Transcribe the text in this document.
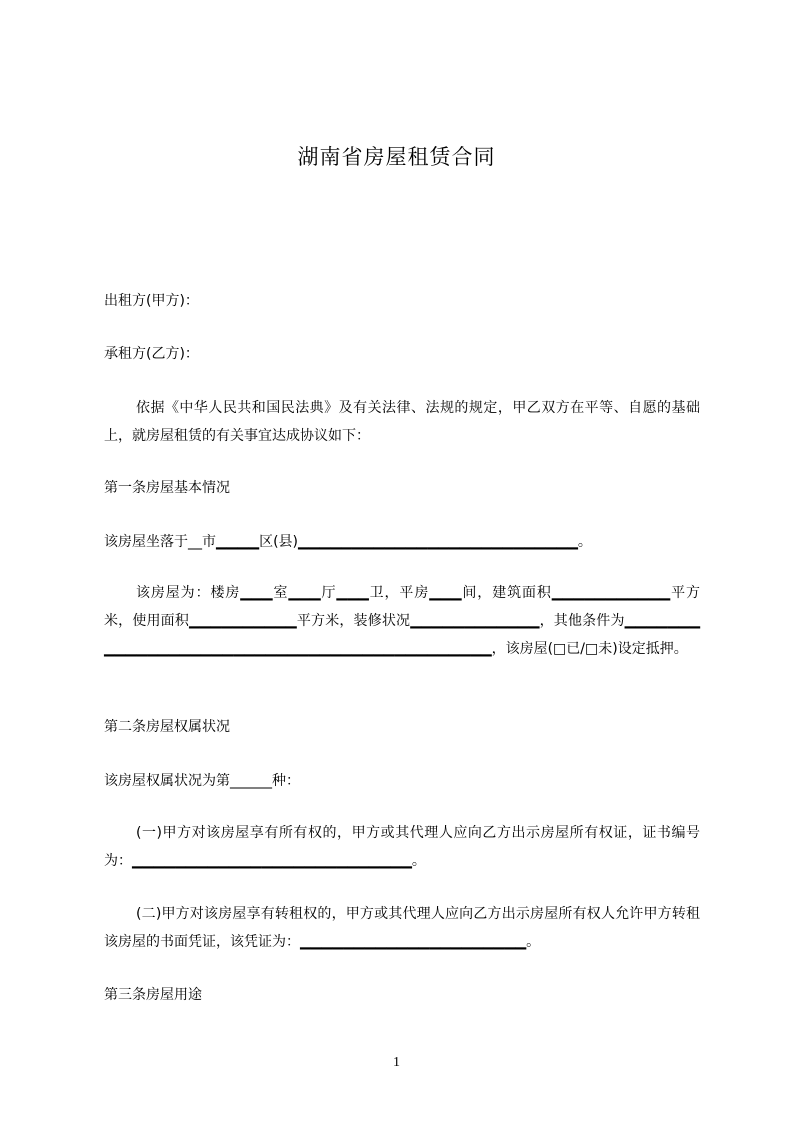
湖南省房屋租赁合同
出租方(甲方)：
承租方(乙方)：
依据《中华人民共和国民法典》及有关法律、法规的规定，甲乙双方在平等、自愿的基础上，就房屋租赁的有关事宜达成协议如下：
第一条房屋基本情况
该房屋坐落于__市▁▁▁▁区(县)▁▁▁▁▁▁▁▁▁▁▁▁▁▁▁▁▁▁▁▁▁▁▁▁▁▁。
该房屋为：楼房▁▁▁室▁▁▁厅▁▁▁卫，平房▁▁▁间，建筑面积▁▁▁▁▁▁▁▁▁▁▁平方米，使用面积▁▁▁▁▁▁▁▁▁▁平方米，装修状况▁▁▁▁▁▁▁▁▁▁▁▁，其他条件为▁▁▁▁▁▁▁▁▁▁▁▁▁▁▁▁▁▁▁▁▁▁▁▁▁▁▁▁▁▁▁▁▁▁▁▁▁▁▁▁▁▁▁，该房屋(□已/□未)设定抵押。
第二条房屋权属状况
该房屋权属状况为第______种：
(一)甲方对该房屋享有所有权的，甲方或其代理人应向乙方出示房屋所有权证，证书编号为：▁▁▁▁▁▁▁▁▁▁▁▁▁▁▁▁▁▁▁▁▁▁▁▁▁▁。
(二)甲方对该房屋享有转租权的，甲方或其代理人应向乙方出示房屋所有权人允许甲方转租该房屋的书面凭证，该凭证为：▁▁▁▁▁▁▁▁▁▁▁▁▁▁▁▁▁▁▁▁▁。
第三条房屋用途
1
